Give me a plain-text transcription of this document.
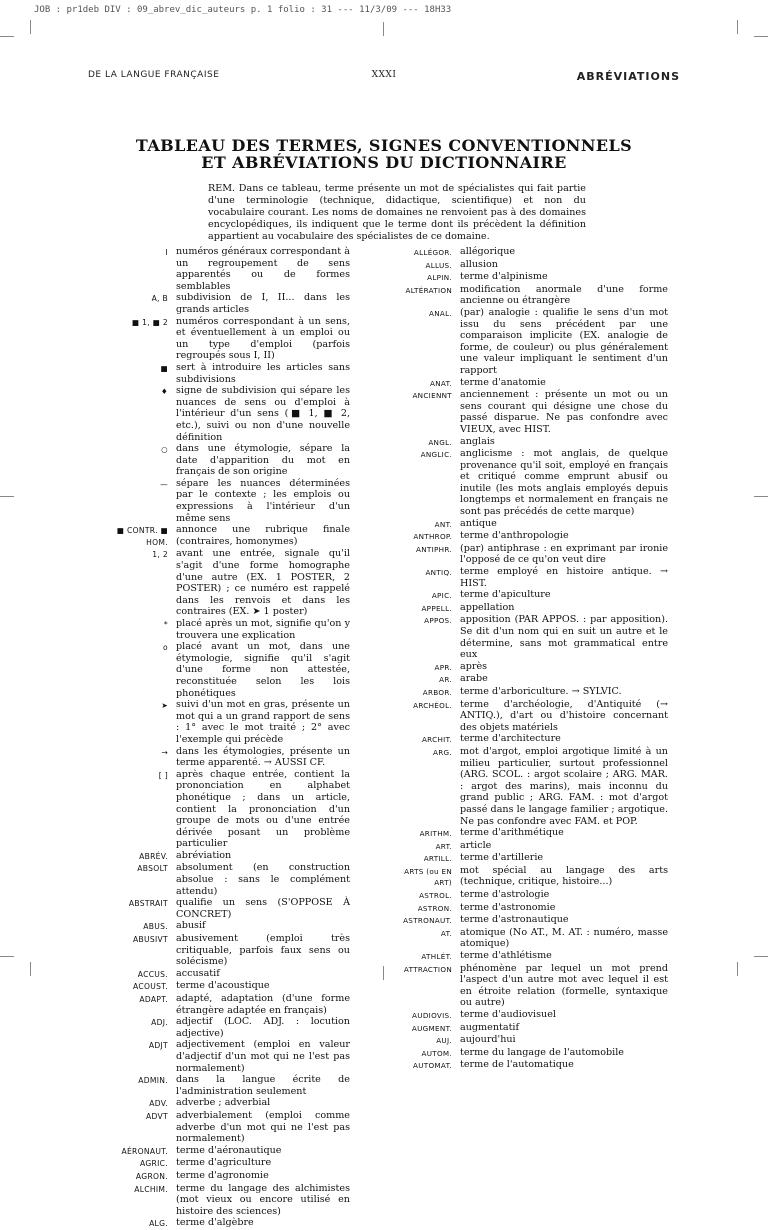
JOB : pr1deb DIV : 09_abrev_dic_auteurs p. 1 folio : 31 --- 11/3/09 --- 18H33
DE LA LANGUE FRANÇAISE	XXXI	ABRÉVIATIONS
TABLEAU DES TERMES, SIGNES CONVENTIONNELS
ET ABRÉVIATIONS DU DICTIONNAIRE
REM. Dans ce tableau, terme présente un mot de spécialistes qui fait partie d'une terminologie (technique, didactique, scientifique) et non du vocabulaire courant. Les noms de domaines ne renvoient pas à des domaines encyclopédiques, ils indiquent que le terme dont ils précèdent la définition appartient au vocabulaire des spécialistes de ce domaine.
I numéros généraux correspondant à un regroupement de sens apparentés ou de formes semblables
A, B subdivision de I, II... dans les grands articles
■ 1, ■ 2 numéros correspondant à un sens, et éventuellement à un emploi ou un type d'emploi (parfois regroupés sous I, II)
■ sert à introduire les articles sans subdivisions
♦ signe de subdivision qui sépare les nuances de sens ou d'emploi à l'intérieur d'un sens (■ 1, ■ 2, etc.), suivi ou non d'une nouvelle définition
○ dans une étymologie, sépare la date d'apparition du mot en français de son origine
— sépare les nuances déterminées par le contexte ; les emplois ou expressions à l'intérieur d'un même sens
■ CONTR. ■ HOM.
annonce une rubrique finale (contraires, homonymes)
1, 2 avant une entrée, signale qu'il s'agit d'une forme homographe d'une autre (EX. 1 POSTER, 2 POSTER) ; ce numéro est rappelé dans les renvois et dans les contraires (EX. ➤ 1 poster)
* placé après un mot, signifie qu'on y trouvera une explication
o placé avant un mot, dans une étymologie, signifie qu'il s'agit d'une forme non attestée, reconstituée selon les lois phonétiques
➤ suivi d'un mot en gras, présente un mot qui a un grand rapport de sens : 1° avec le mot traité ; 2° avec l'exemple qui précède
→ dans les étymologies, présente un terme apparenté. → AUSSI CF.
[ ] après chaque entrée, contient la prononciation en alphabet phonétique ; dans un article, contient la prononciation d'un groupe de mots ou d'une entrée dérivée posant un problème particulier
ABRÉV. abréviation
ABSOLT absolument (en construction absolue : sans le complément attendu)
ABSTRAIT qualifie un sens (S'OPPOSE À CONCRET)
ABUS. abusif
ABUSIVT abusivement (emploi très critiquable, parfois faux sens ou solécisme)
ACCUS. accusatif
ACOUST. terme d'acoustique
ADAPT. adapté, adaptation (d'une forme étrangère adaptée en français)
ADJ. adjectif (LOC. ADJ. : locution adjective)
ADJT adjectivement (emploi en valeur d'adjectif d'un mot qui ne l'est pas normalement)
ADMIN. dans la langue écrite de l'administration seulement
ADV. adverbe ; adverbial
ADVT adverbialement (emploi comme adverbe d'un mot qui ne l'est pas normalement)
AÉRONAUT. terme d'aéronautique
AGRIC. terme d'agriculture
AGRON. terme d'agronomie
ALCHIM. terme du langage des alchimistes (mot vieux ou encore utilisé en histoire des sciences)
ALG. terme d'algèbre
ALLÉGOR. allégorique
ALLUS. allusion
ALPIN. terme d'alpinisme
ALTÉRATION modification anormale d'une forme ancienne ou étrangère
ANAL. (par) analogie : qualifie le sens d'un mot issu du sens précédent par une comparaison implicite (EX. analogie de forme, de couleur) ou plus généralement une valeur impliquant le sentiment d'un rapport
ANAT. terme d'anatomie
ANCIENNT anciennement : présente un mot ou un sens courant qui désigne une chose du passé disparue. Ne pas confondre avec VIEUX, avec HIST.
ANGL. anglais
ANGLIC. anglicisme : mot anglais, de quelque provenance qu'il soit, employé en français et critiqué comme emprunt abusif ou inutile (les mots anglais employés depuis longtemps et normalement en français ne sont pas précédés de cette marque)
ANT. antique
ANTHROP. terme d'anthropologie
ANTIPHR. (par) antiphrase : en exprimant par ironie l'opposé de ce qu'on veut dire
ANTIQ. terme employé en histoire antique. → HIST.
APIC. terme d'apiculture
APPELL. appellation
APPOS. apposition (PAR APPOS. : par apposition). Se dit d'un nom qui en suit un autre et le détermine, sans mot grammatical entre eux
APR. après
AR. arabe
ARBOR. terme d'arboriculture. → SYLVIC.
ARCHÉOL. terme d'archéologie, d'Antiquité (→ ANTIQ.), d'art ou d'histoire concernant des objets matériels
ARCHIT. terme d'architecture
ARG. mot d'argot, emploi argotique limité à un milieu particulier, surtout professionnel (ARG. SCOL. : argot scolaire ; ARG. MAR. : argot des marins), mais inconnu du grand public ; ARG. FAM. : mot d'argot passé dans le langage familier ; argotique. Ne pas confondre avec FAM. et POP.
ARITHM. terme d'arithmétique
ART. article
ARTILL. terme d'artillerie
ARTS (ou EN ART)
mot spécial au langage des arts (technique, critique, histoire...)
ASTROL. terme d'astrologie
ASTRON. terme d'astronomie
ASTRONAUT. terme d'astronautique
AT. atomique (No AT., M. AT. : numéro, masse atomique)
ATHLÉT. terme d'athlétisme
ATTRACTION phénomène par lequel un mot prend l'aspect d'un autre mot avec lequel il est en étroite relation (formelle, syntaxique ou autre)
AUDIOVIS. terme d'audiovisuel
AUGMENT. augmentatif
AUJ. aujourd'hui
AUTOM. terme du langage de l'automobile
AUTOMAT. terme de l'automatique
